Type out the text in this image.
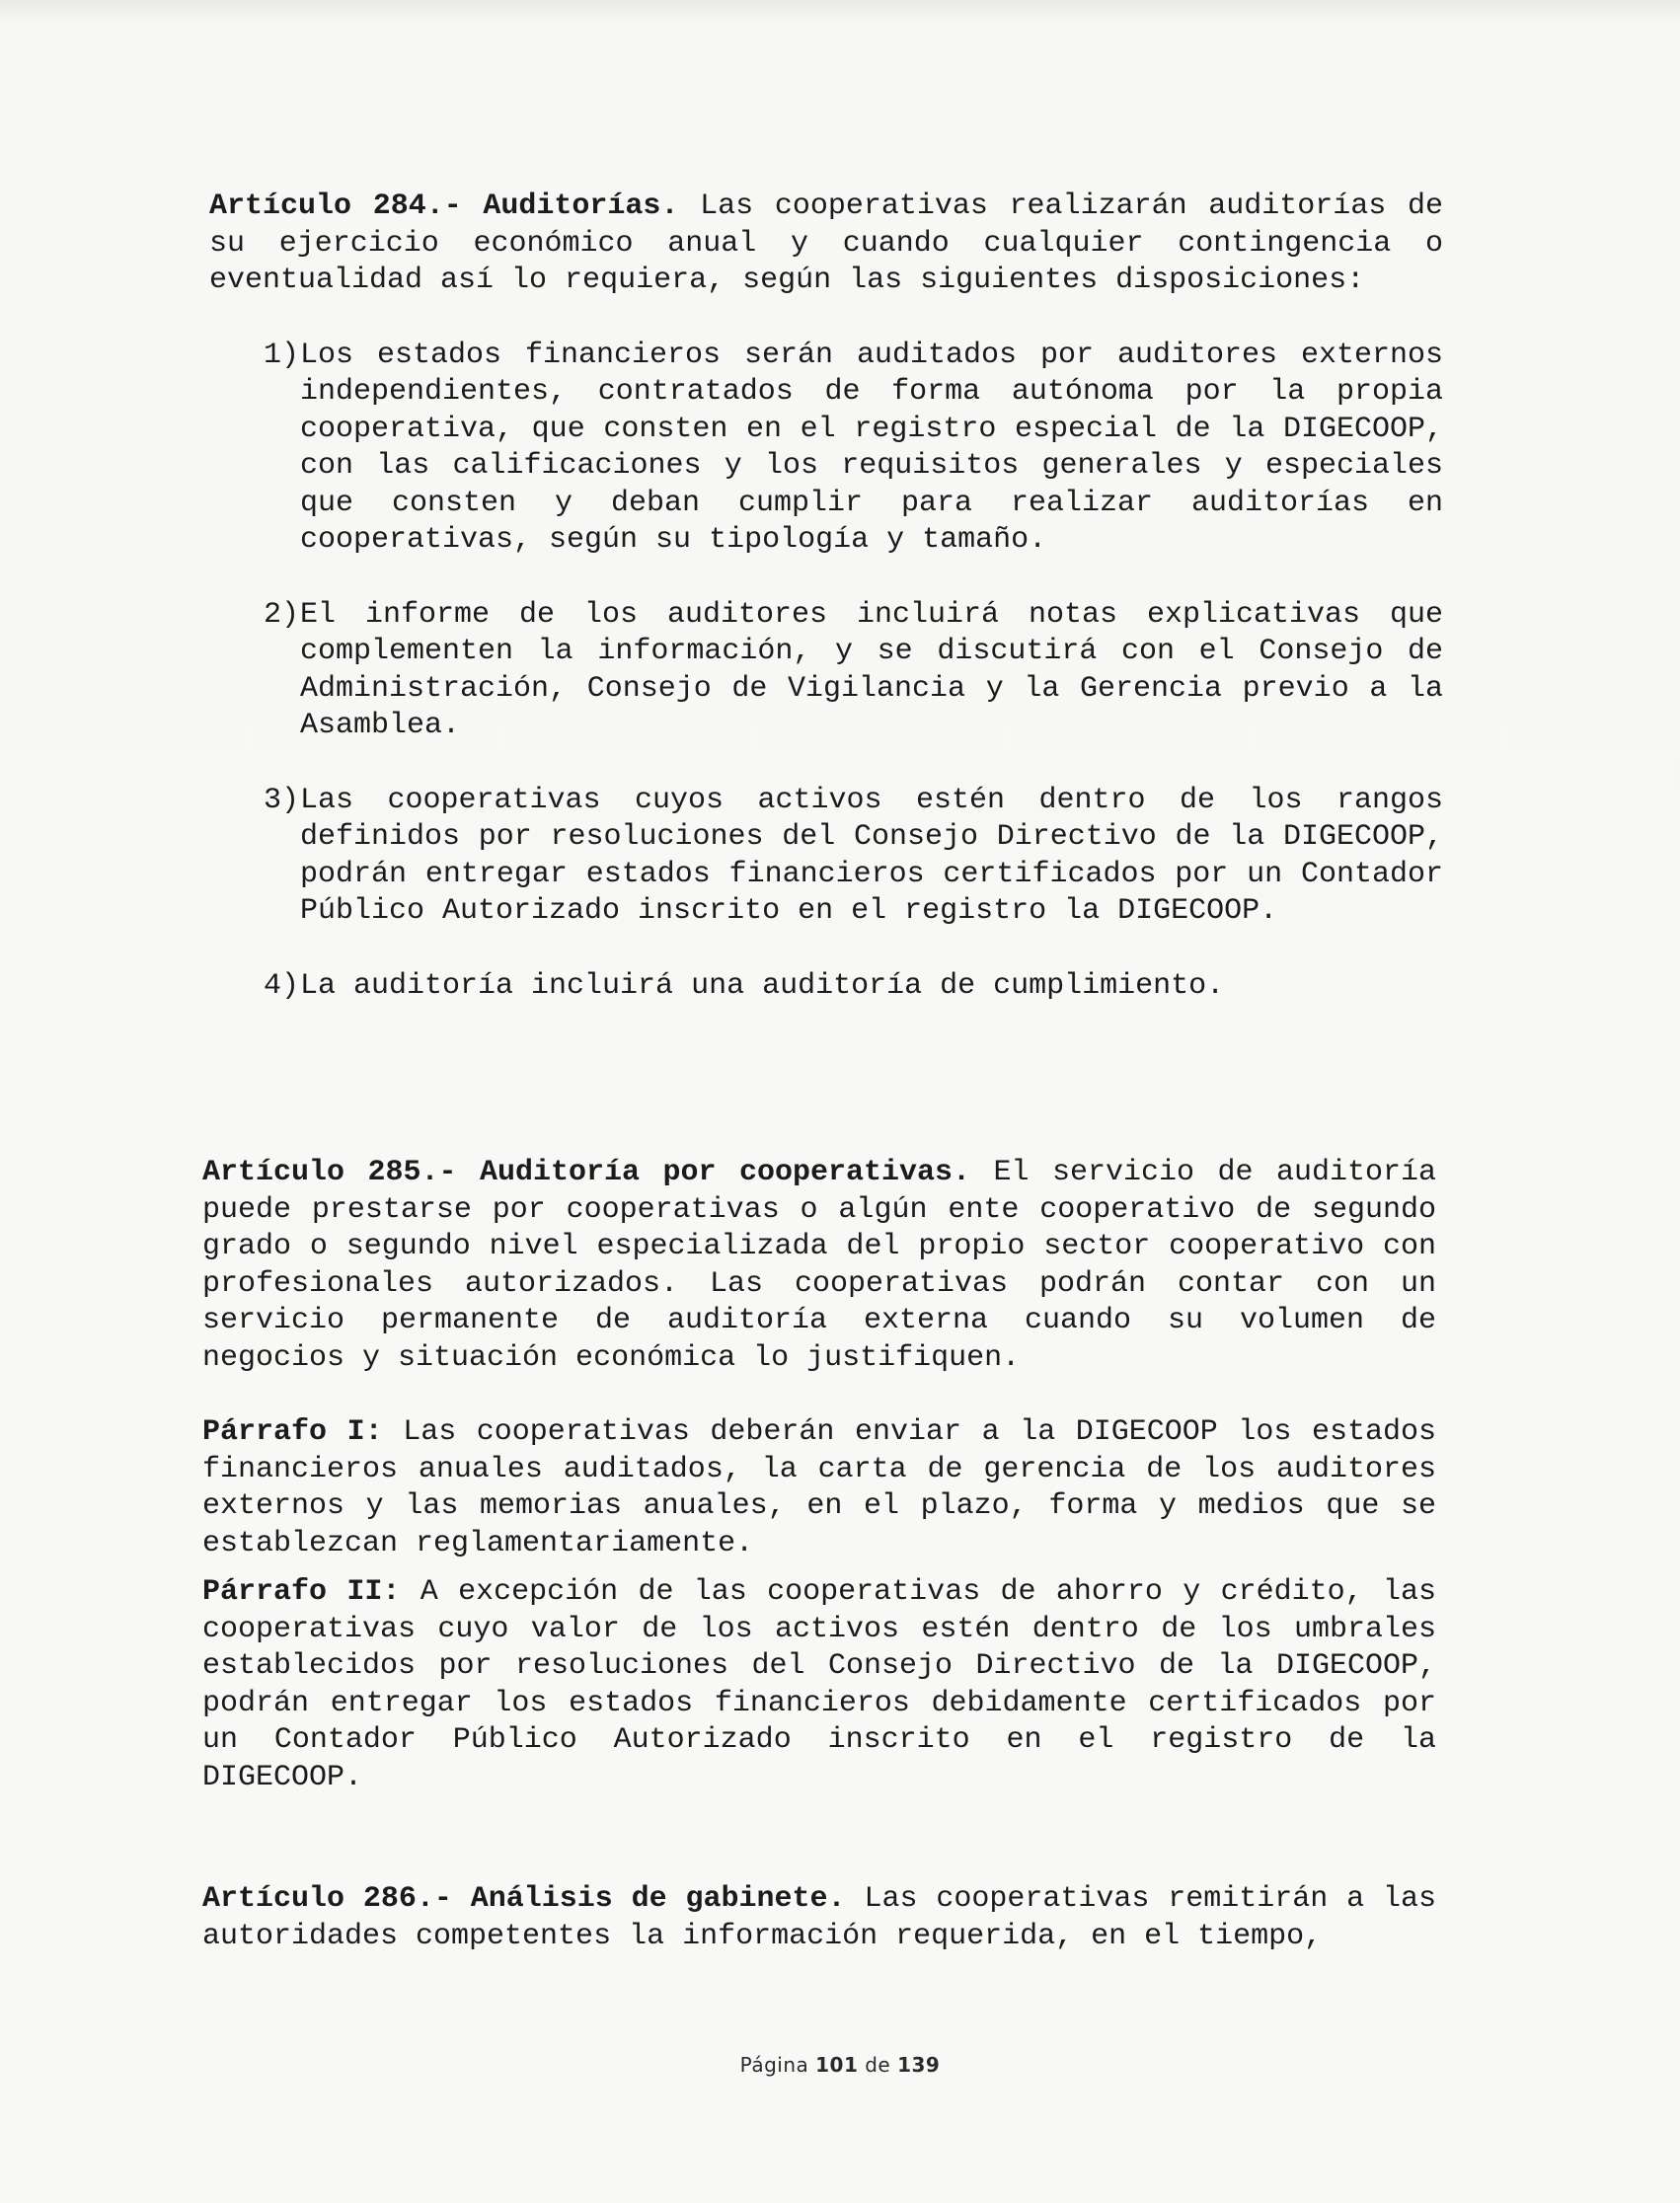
Artículo 284.- Auditorías. Las cooperativas realizarán auditorías de su ejercicio económico anual y cuando cualquier contingencia o eventualidad así lo requiera, según las siguientes disposiciones:

1) Los estados financieros serán auditados por auditores externos independientes, contratados de forma autónoma por la propia cooperativa, que consten en el registro especial de la DIGECOOP, con las calificaciones y los requisitos generales y especiales que consten y deban cumplir para realizar auditorías en cooperativas, según su tipología y tamaño.
2) El informe de los auditores incluirá notas explicativas que complementen la información, y se discutirá con el Consejo de Administración, Consejo de Vigilancia y la Gerencia previo a la Asamblea.
3) Las cooperativas cuyos activos estén dentro de los rangos definidos por resoluciones del Consejo Directivo de la DIGECOOP, podrán entregar estados financieros certificados por un Contador Público Autorizado inscrito en el registro la DIGECOOP.
4) La auditoría incluirá una auditoría de cumplimiento.

Artículo 285.- Auditoría por cooperativas. El servicio de auditoría puede prestarse por cooperativas o algún ente cooperativo de segundo grado o segundo nivel especializada del propio sector cooperativo con profesionales autorizados. Las cooperativas podrán contar con un servicio permanente de auditoría externa cuando su volumen de negocios y situación económica lo justifiquen.

Párrafo I: Las cooperativas deberán enviar a la DIGECOOP los estados financieros anuales auditados, la carta de gerencia de los auditores externos y las memorias anuales, en el plazo, forma y medios que se establezcan reglamentariamente.

Párrafo II: A excepción de las cooperativas de ahorro y crédito, las cooperativas cuyo valor de los activos estén dentro de los umbrales establecidos por resoluciones del Consejo Directivo de la DIGECOOP, podrán entregar los estados financieros debidamente certificados por un Contador Público Autorizado inscrito en el registro de la DIGECOOP.

Artículo 286.- Análisis de gabinete. Las cooperativas remitirán a las autoridades competentes la información requerida, en el tiempo,

Página 101 de 139
